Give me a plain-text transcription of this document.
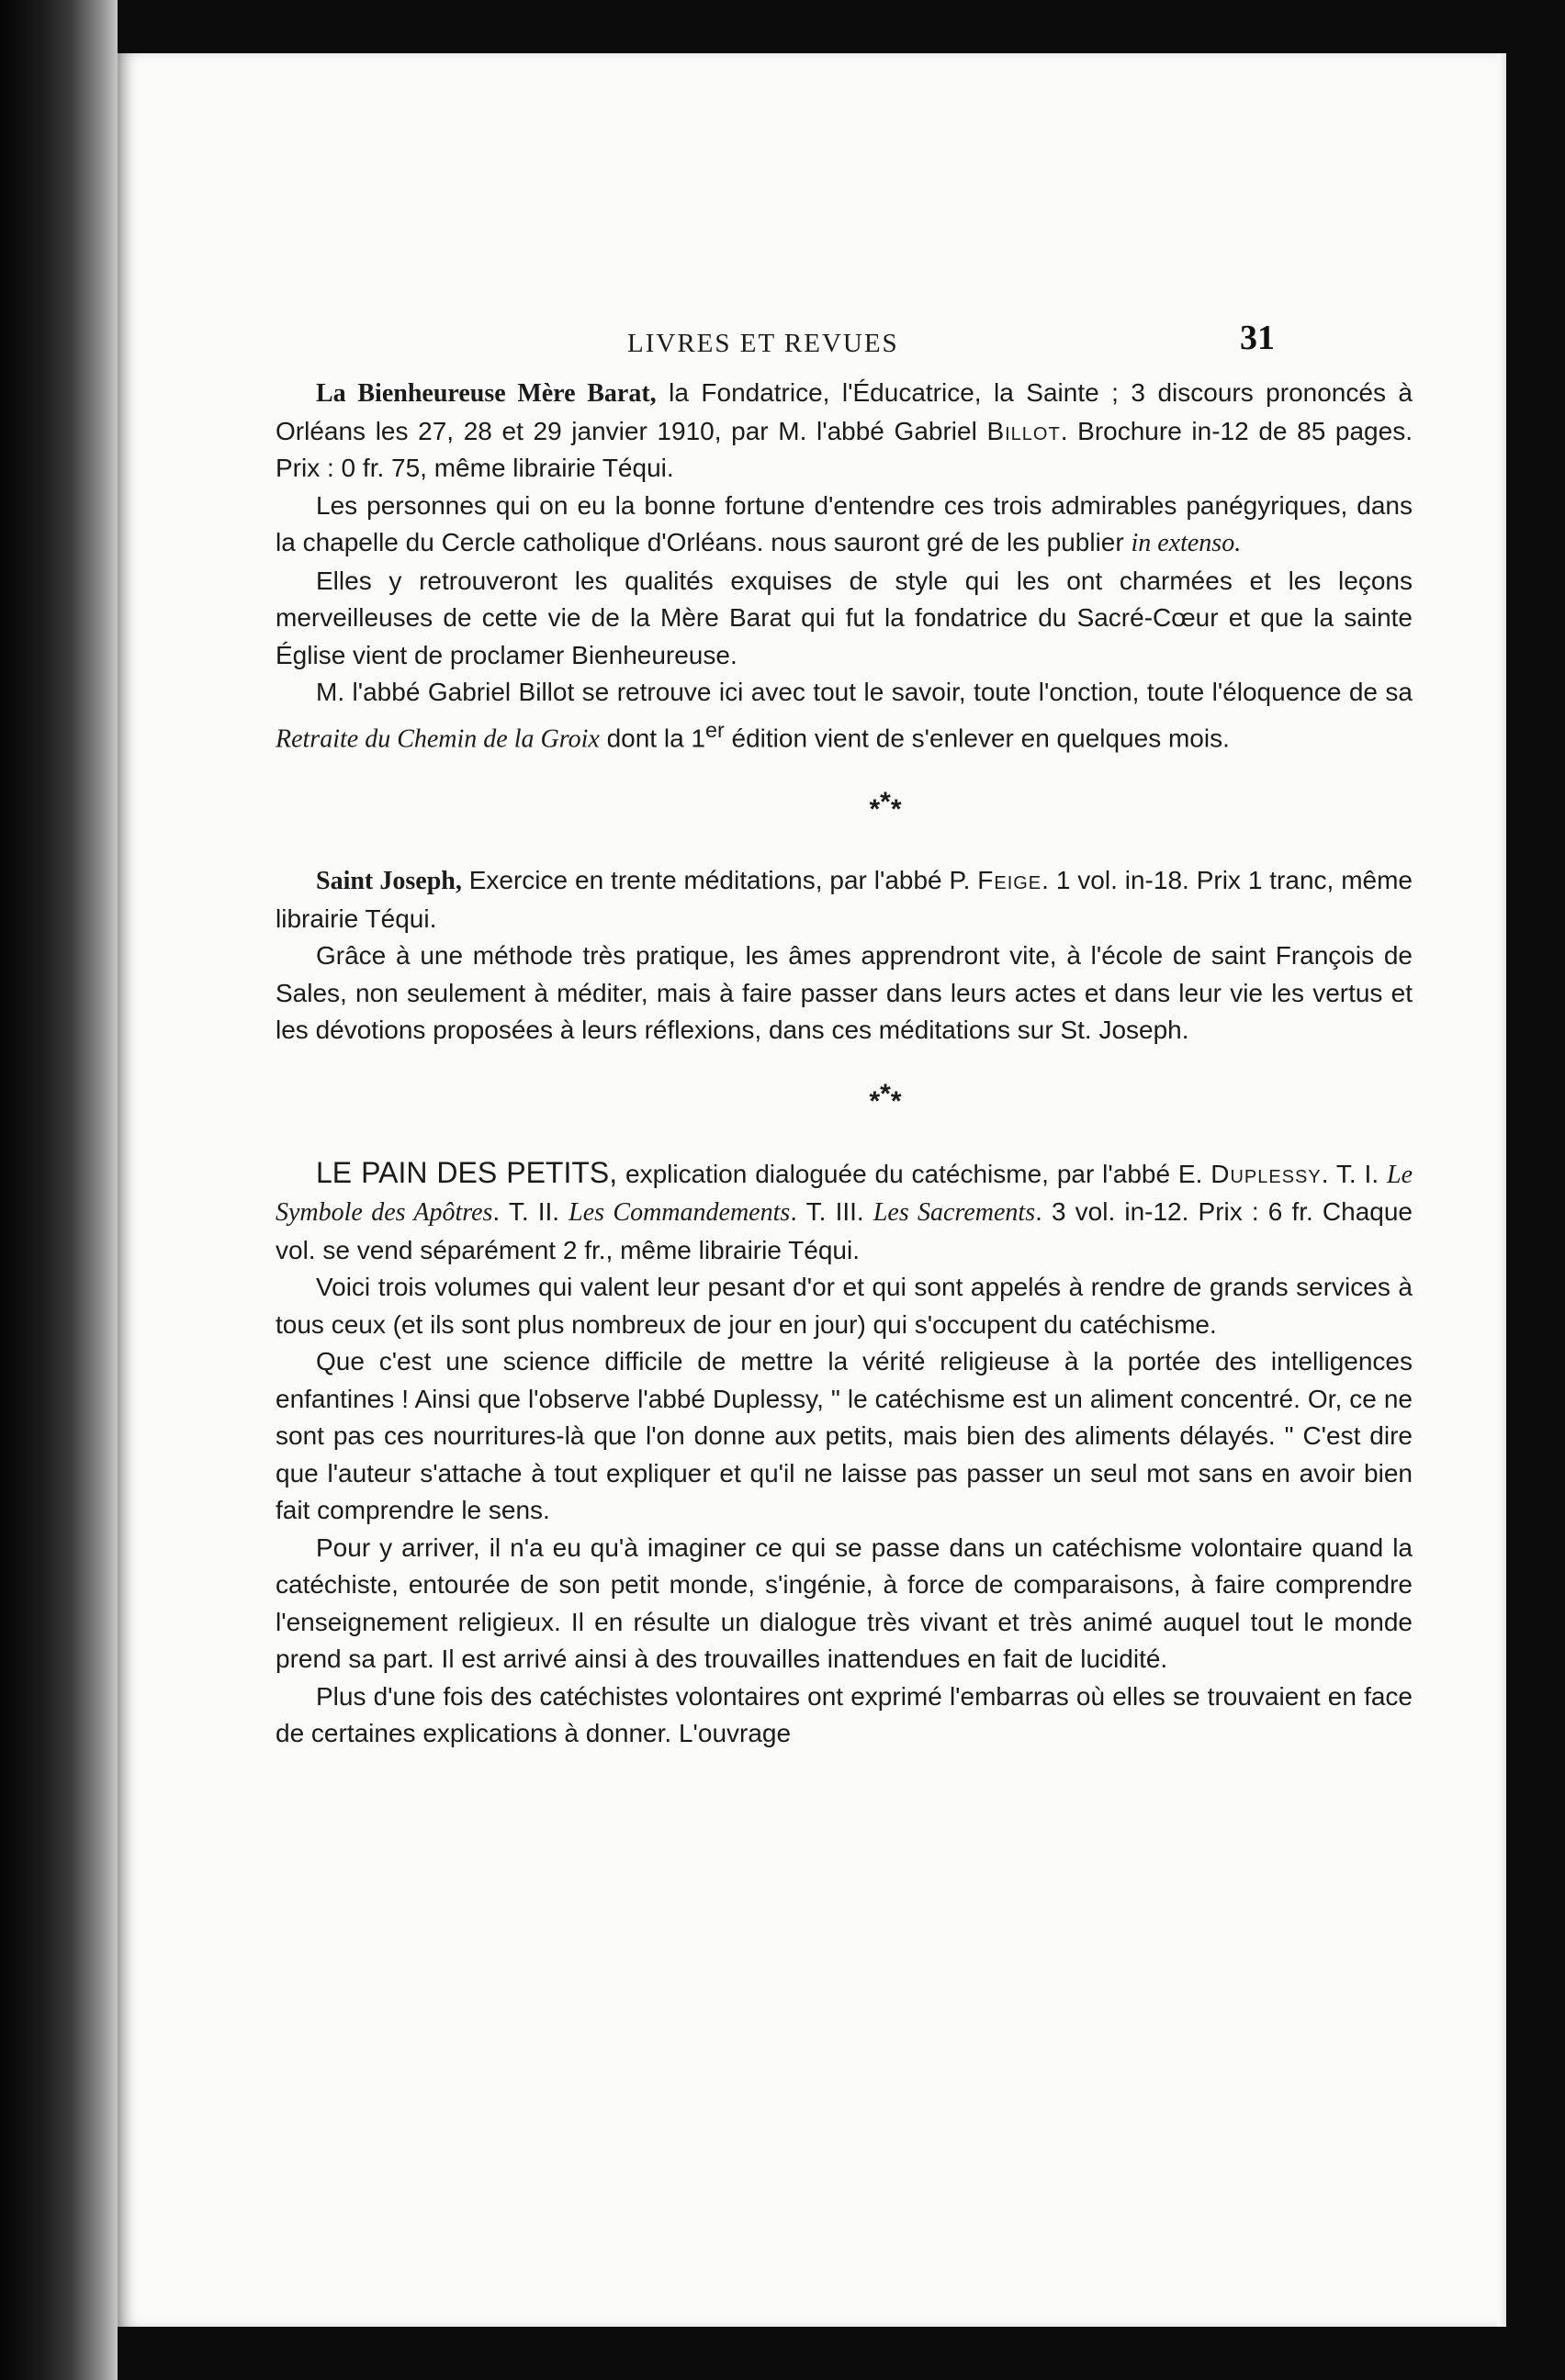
LIVRES ET REVUES	31

La Bienheureuse Mère Barat, la Fondatrice, l'Éducatrice, la Sainte ; 3 discours prononcés à Orléans les 27, 28 et 29 janvier 1910, par M. l'abbé Gabriel Billot. Brochure in-12 de 85 pages. Prix : 0 fr. 75, même librairie Téqui.

Les personnes qui on eu la bonne fortune d'entendre ces trois admirables panégyriques, dans la chapelle du Cercle catholique d'Orléans. nous sauront gré de les publier in extenso.

Elles y retrouveront les qualités exquises de style qui les ont charmées et les leçons merveilleuses de cette vie de la Mère Barat qui fut la fondatrice du Sacré-Cœur et que la sainte Église vient de proclamer Bienheureuse.

M. l'abbé Gabriel Billot se retrouve ici avec tout le savoir, toute l'onction, toute l'éloquence de sa Retraite du Chemin de la Groix dont la 1er édition vient de s'enlever en quelques mois.

***

Saint Joseph, Exercice en trente méditations, par l'abbé P. Feige. 1 vol. in-18. Prix 1 tranc, même librairie Téqui.

Grâce à une méthode très pratique, les âmes apprendront vite, à l'école de saint François de Sales, non seulement à méditer, mais à faire passer dans leurs actes et dans leur vie les vertus et les dévotions proposées à leurs réflexions, dans ces méditations sur St. Joseph.

***

LE PAIN DES PETITS, explication dialoguée du catéchisme, par l'abbé E. Duplessy. T. I. Le Symbole des Apôtres. T. II. Les Commandements. T. III. Les Sacrements. 3 vol. in-12. Prix : 6 fr. Chaque vol. se vend séparément 2 fr., même librairie Téqui.

Voici trois volumes qui valent leur pesant d'or et qui sont appelés à rendre de grands services à tous ceux (et ils sont plus nombreux de jour en jour) qui s'occupent du catéchisme.

Que c'est une science difficile de mettre la vérité religieuse à la portée des intelligences enfantines ! Ainsi que l'observe l'abbé Duplessy, " le catéchisme est un aliment concentré. Or, ce ne sont pas ces nourritures-là que l'on donne aux petits, mais bien des aliments délayés. " C'est dire que l'auteur s'attache à tout expliquer et qu'il ne laisse pas passer un seul mot sans en avoir bien fait comprendre le sens.

Pour y arriver, il n'a eu qu'à imaginer ce qui se passe dans un catéchisme volontaire quand la catéchiste, entourée de son petit monde, s'ingénie, à force de comparaisons, à faire comprendre l'enseignement religieux. Il en résulte un dialogue très vivant et très animé auquel tout le monde prend sa part. Il est arrivé ainsi à des trouvailles inattendues en fait de lucidité.

Plus d'une fois des catéchistes volontaires ont exprimé l'embarras où elles se trouvaient en face de certaines explications à donner. L'ouvrage
